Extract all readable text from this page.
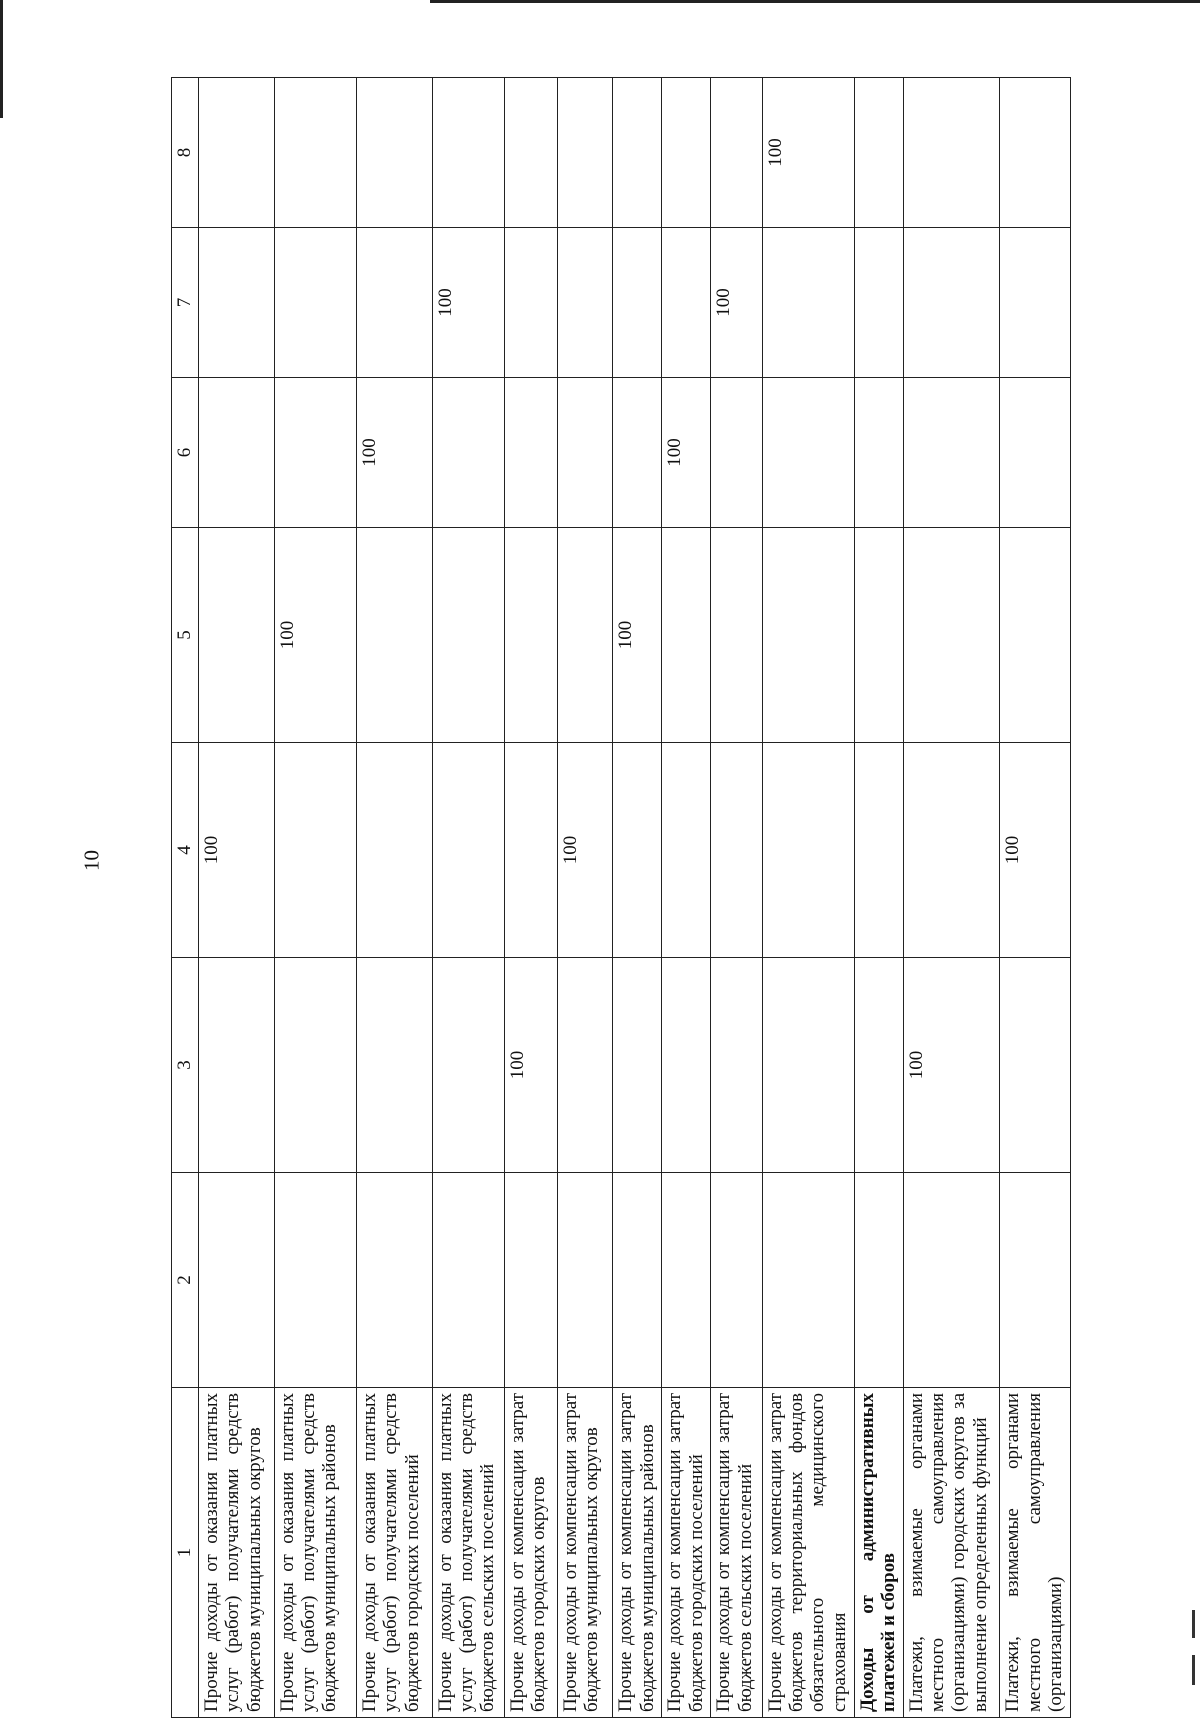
10
1	2	3	4	5	6	7	8
Прочие доходы от оказания платных услуг (работ) получателями средств бюджетов муниципальных округов			100				
Прочие доходы от оказания платных услуг (работ) получателями средств бюджетов муниципальных районов				100			
Прочие доходы от оказания платных услуг (работ) получателями средств бюджетов городских поселений					100		
Прочие доходы от оказания платных услуг (работ) получателями средств бюджетов сельских поселений						100	
Прочие доходы от компенсации затрат бюджетов городских округов		100					
Прочие доходы от компенсации затрат бюджетов муниципальных округов			100				
Прочие доходы от компенсации затрат бюджетов муниципальных районов				100			
Прочие доходы от компенсации затрат бюджетов городских поселений					100		
Прочие доходы от компенсации затрат бюджетов сельских поселений						100	
Прочие доходы от компенсации затрат бюджетов территориальных фондов обязательного медицинского страхования							100
Доходы от административных платежей и сборов							
Платежи, взимаемые органами местного самоуправления (организациями) городских округов за выполнение определенных функций		100					
Платежи, взимаемые органами местного самоуправления (организациями)			100				
